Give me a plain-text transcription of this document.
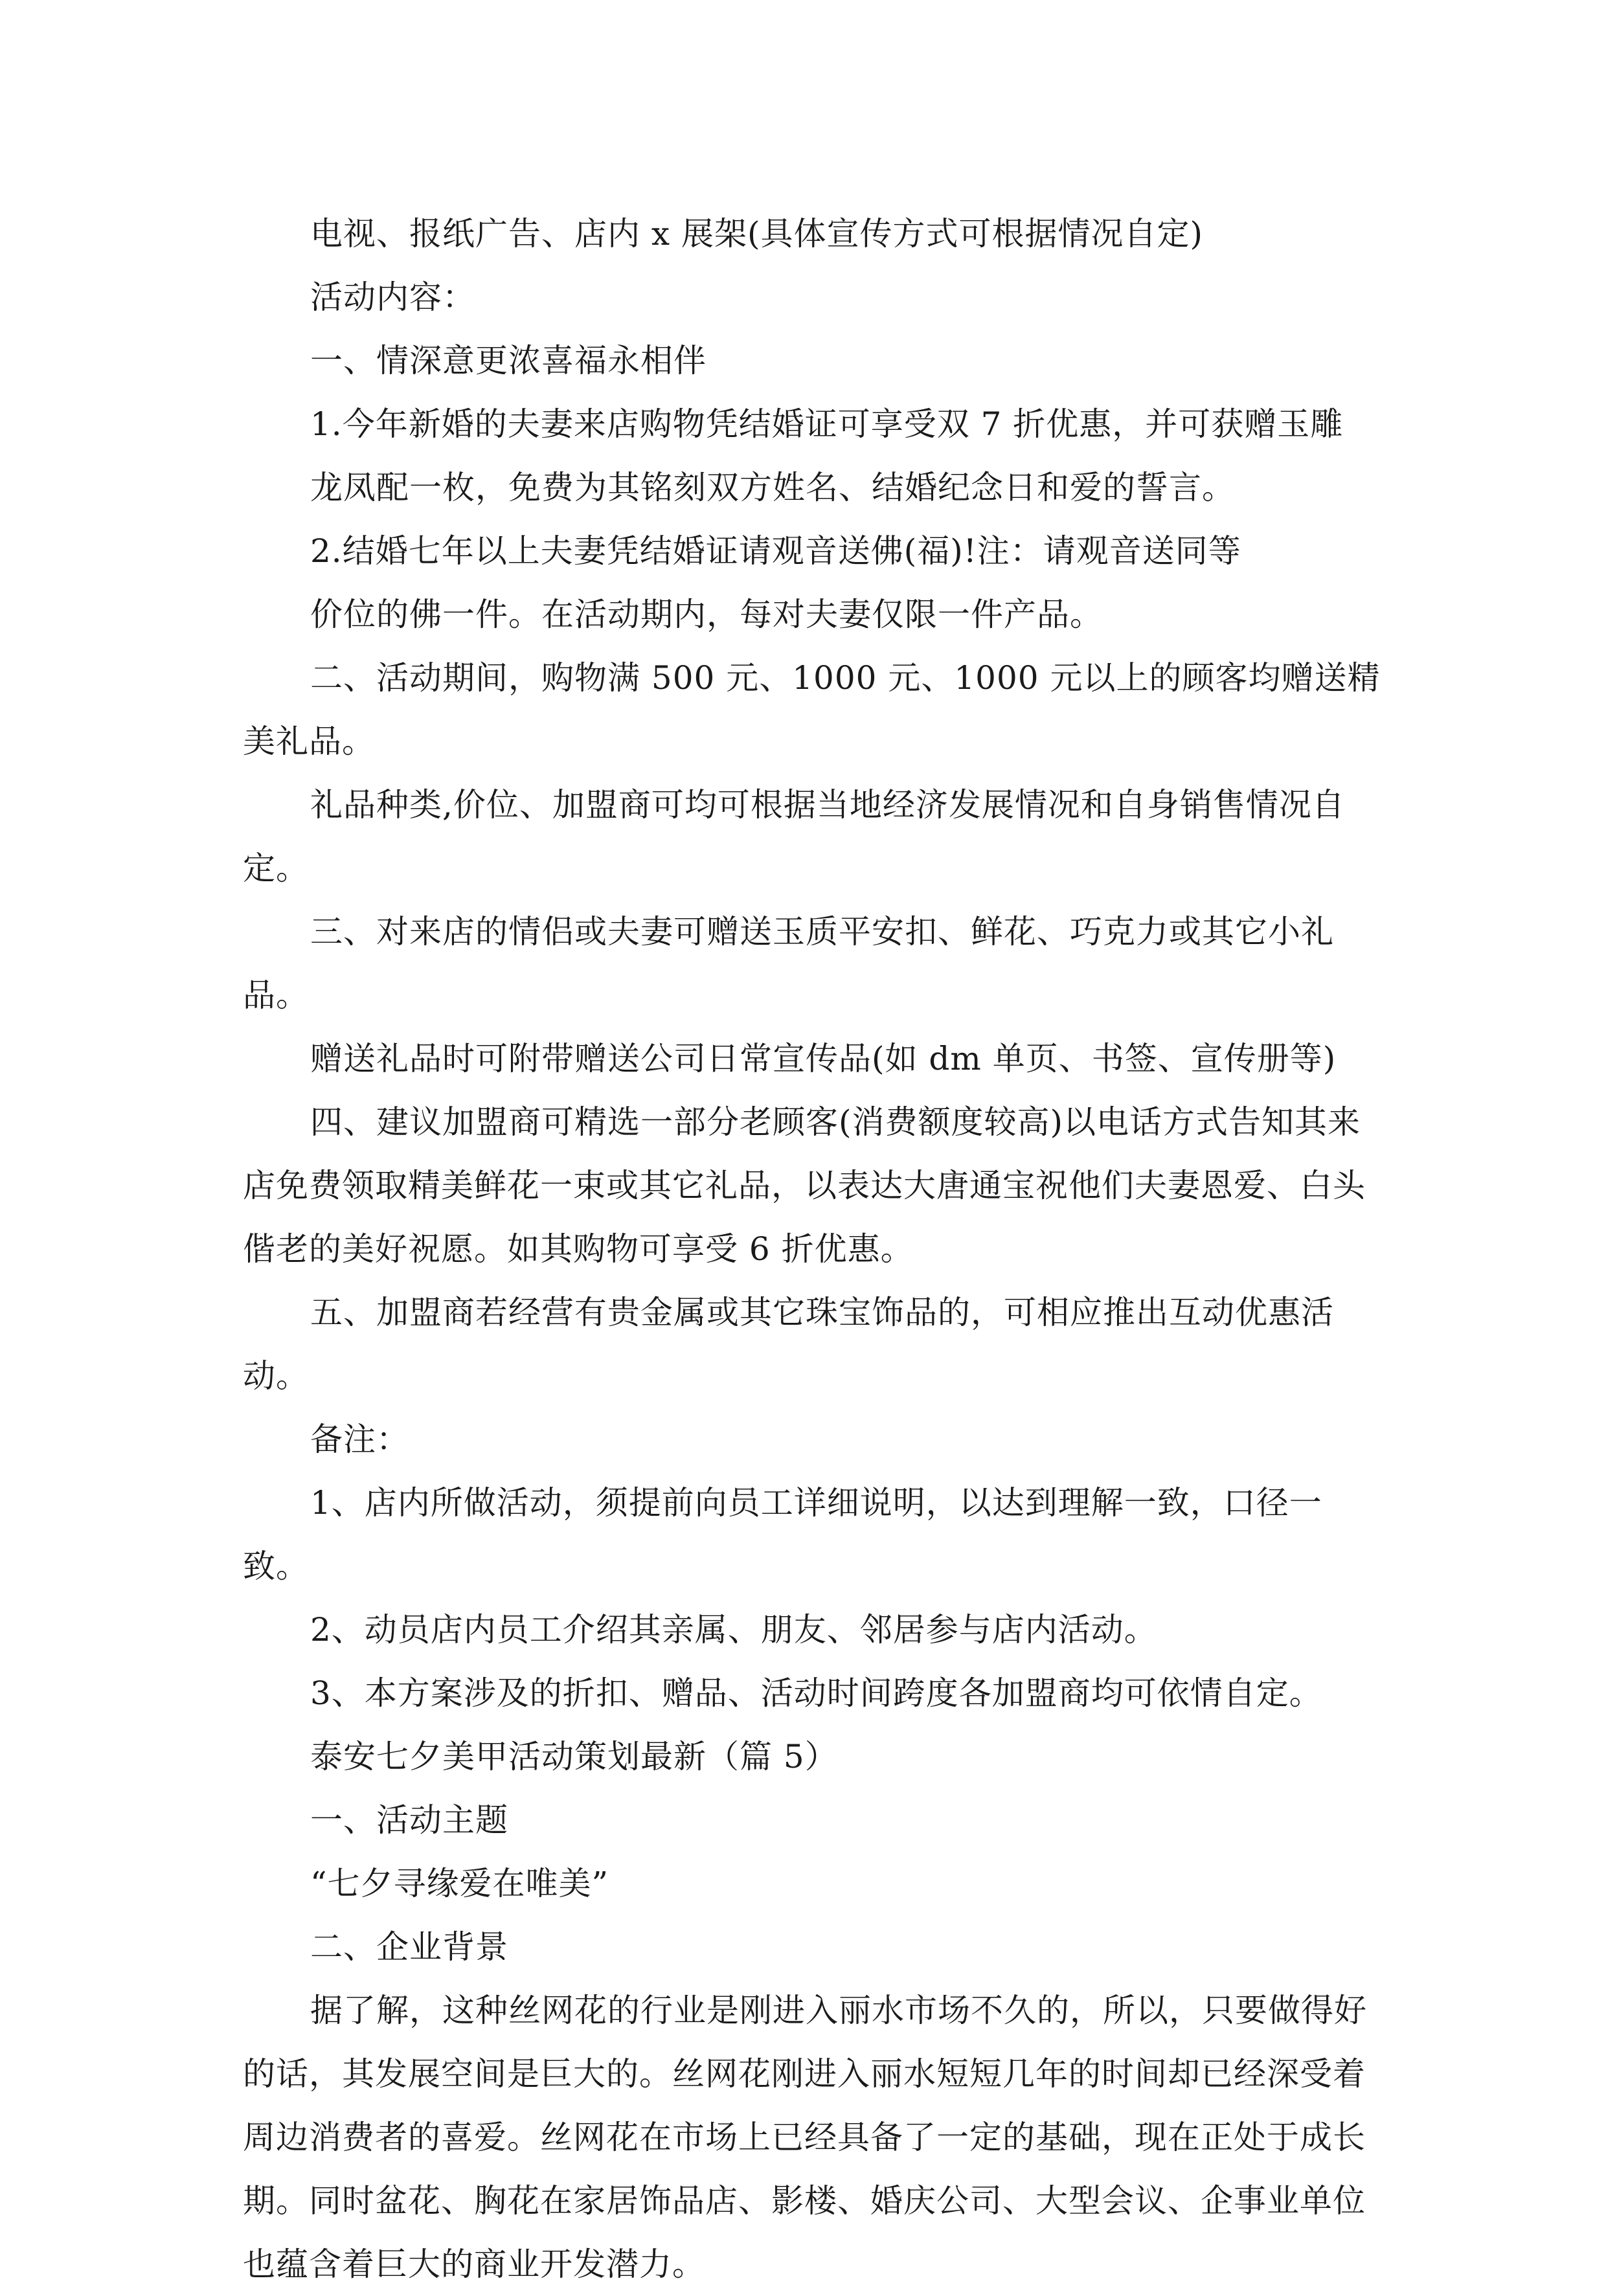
电视、报纸广告、店内 x 展架(具体宣传方式可根据情况自定)

活动内容：

一、情深意更浓喜福永相伴

1.今年新婚的夫妻来店购物凭结婚证可享受双 7 折优惠，并可获赠玉雕

龙凤配一枚，免费为其铭刻双方姓名、结婚纪念日和爱的誓言。

2.结婚七年以上夫妻凭结婚证请观音送佛(福)!注：请观音送同等

价位的佛一件。在活动期内，每对夫妻仅限一件产品。

二、活动期间，购物满 500 元、1000 元、1000 元以上的顾客均赠送精美礼品。

礼品种类,价位、加盟商可均可根据当地经济发展情况和自身销售情况自定。

三、对来店的情侣或夫妻可赠送玉质平安扣、鲜花、巧克力或其它小礼品。

赠送礼品时可附带赠送公司日常宣传品(如 dm 单页、书签、宣传册等)

四、建议加盟商可精选一部分老顾客(消费额度较高)以电话方式告知其来店免费领取精美鲜花一束或其它礼品，以表达大唐通宝祝他们夫妻恩爱、白头偕老的美好祝愿。如其购物可享受 6 折优惠。

五、加盟商若经营有贵金属或其它珠宝饰品的，可相应推出互动优惠活动。

备注：

1、店内所做活动，须提前向员工详细说明，以达到理解一致，口径一致。

2、动员店内员工介绍其亲属、朋友、邻居参与店内活动。

3、本方案涉及的折扣、赠品、活动时间跨度各加盟商均可依情自定。

泰安七夕美甲活动策划最新（篇 5）

一、活动主题

“七夕寻缘爱在唯美”

二、企业背景

据了解，这种丝网花的行业是刚进入丽水市场不久的，所以，只要做得好的话，其发展空间是巨大的。丝网花刚进入丽水短短几年的时间却已经深受着周边消费者的喜爱。丝网花在市场上已经具备了一定的基础，现在正处于成长期。同时盆花、胸花在家居饰品店、影楼、婚庆公司、大型会议、企事业单位也蕴含着巨大的商业开发潜力。
